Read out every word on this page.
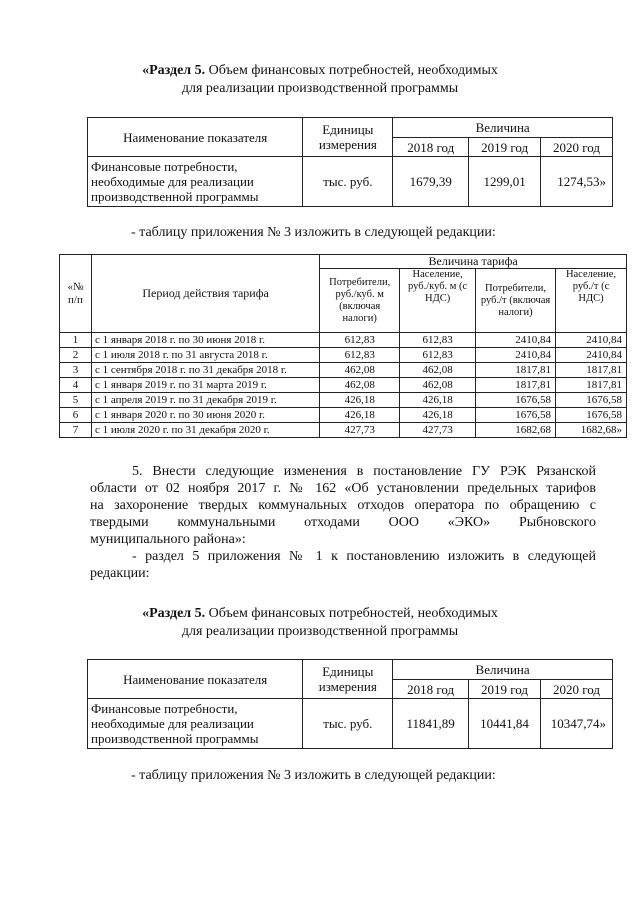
«Раздел 5. Объем финансовых потребностей, необходимых
для реализации производственной программы
Наименование показателя	Единицы измерения	Величина		
		2018 год	2019 год	2020 год
Финансовые потребности, необходимые для реализации производственной программы	тыс. руб.	1679,39	1299,01	1274,53»
- таблицу приложения № 3 изложить в следующей редакции:
«№ п/п	Период действия тарифа	Величина тарифа			
		Потребители, руб./куб. м (включая налоги)	Население, руб./куб. м (с НДС)	Потребители, руб./т (включая налоги)	Население, руб./т (с НДС)
1	с 1 января 2018 г. по 30 июня 2018 г.	612,83	612,83	2410,84	2410,84
2	с 1 июля 2018 г. по 31 августа 2018 г.	612,83	612,83	2410,84	2410,84
3	с 1 сентября 2018 г. по 31 декабря 2018 г.	462,08	462,08	1817,81	1817,81
4	с 1 января 2019 г. по 31 марта 2019 г.	462,08	462,08	1817,81	1817,81
5	с 1 апреля 2019 г. по 31 декабря 2019 г.	426,18	426,18	1676,58	1676,58
6	с 1 января 2020 г. по 30 июня 2020 г.	426,18	426,18	1676,58	1676,58
7	с 1 июля 2020 г. по 31 декабря 2020 г.	427,73	427,73	1682,68	1682,68»
5. Внести следующие изменения в постановление ГУ РЭК Рязанской
области от 02 ноября 2017 г. № 162 «Об установлении предельных тарифов
на захоронение твердых коммунальных отходов оператора по обращению с
твердыми коммунальными отходами ООО «ЭКО» Рыбновского
муниципального района»:
- раздел 5 приложения № 1 к постановлению изложить в следующей
редакции:
«Раздел 5. Объем финансовых потребностей, необходимых
для реализации производственной программы
Наименование показателя	Единицы измерения	Величина		
		2018 год	2019 год	2020 год
Финансовые потребности, необходимые для реализации производственной программы	тыс. руб.	11841,89	10441,84	10347,74»
- таблицу приложения № 3 изложить в следующей редакции:
